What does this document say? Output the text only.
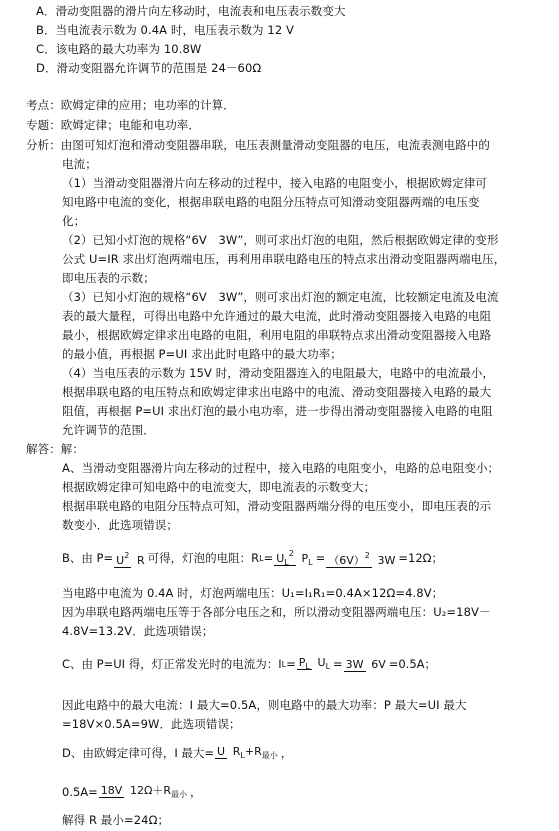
A．滑动变阻器的滑片向左移动时，电流表和电压表示数变大
B．当电流表示数为 0.4A 时，电压表示数为 12 V
C．该电路的最大功率为 10.8W
D．滑动变阻器允许调节的范围是 24－60Ω
考点：欧姆定律的应用；电功率的计算．
专题：欧姆定律；电能和电功率．
分析：由图可知灯泡和滑动变阻器串联，电压表测量滑动变阻器的电压，电流表测电路中的
电流；
（1）当滑动变阻器滑片向左移动的过程中，接入电路的电阻变小，根据欧姆定律可
知电路中电流的变化，根据串联电路的电阻分压特点可知滑动变阻器两端的电压变
化；
（2）已知小灯泡的规格“6V　3W”，则可求出灯泡的电阻，然后根据欧姆定律的变形
公式 U=IR 求出灯泡两端电压，再利用串联电路电压的特点求出滑动变阻器两端电压，
即电压表的示数；
（3）已知小灯泡的规格“6V　3W”，则可求出灯泡的额定电流，比较额定电流及电流
表的最大量程，可得出电路中允许通过的最大电流，此时滑动变阻器接入电路的电阻
最小，根据欧姆定律求出电路的电阻，利用电阻的串联特点求出滑动变阻器接入电路
的最小值，再根据 P=UI 求出此时电路中的最大功率；
（4）当电压表的示数为 15V 时，滑动变阻器连入的电阻最大，电路中的电流最小，
根据串联电路的电压特点和欧姆定律求出电路中的电流、滑动变阻器接入电路的最大
阻值，再根据 P=UI 求出灯泡的最小电功率，进一步得出滑动变阻器接入电路的电阻
允许调节的范围．
解答：解：
A、当滑动变阻器滑片向左移动的过程中，接入电路的电阻变小，电路的总电阻变小；
根据欧姆定律可知电路中的电流变大，即电流表的示数变大；
根据串联电路的电阻分压特点可知，滑动变阻器两端分得的电压变小，即电压表的示
数变小．此选项错误；
B、由 $P= U^2$ R 可得，灯泡的电阻：R $L = U_L^2$ $P_L = (6V)^2$ 3W =12Ω；
当电路中电流为 0.4A 时，灯泡两端电压：U₁=I₁R₁=0.4A×12Ω=4.8V；
因为串联电路两端电压等于各部分电压之和，所以滑动变阻器两端电压：U₂=18V－
4.8V=13.2V．此选项错误；
C、由 P=UI 得，灯正常发光时的电流为：I $L = P_L$ $U_L = 3W$ 6V =0.5A；
因此电路中的最大电流：I 最大=0.5A，则电路中的最大功率：P 最大=UI 最大
=18V×0.5A=9W．此选项错误；
D、由欧姆定律可得，I 最大= U $R_L+R_{最小}$ ，
0.5A= 18V $12\Omega+R_{最小}$ ，
解得 R 最小=24Ω；
